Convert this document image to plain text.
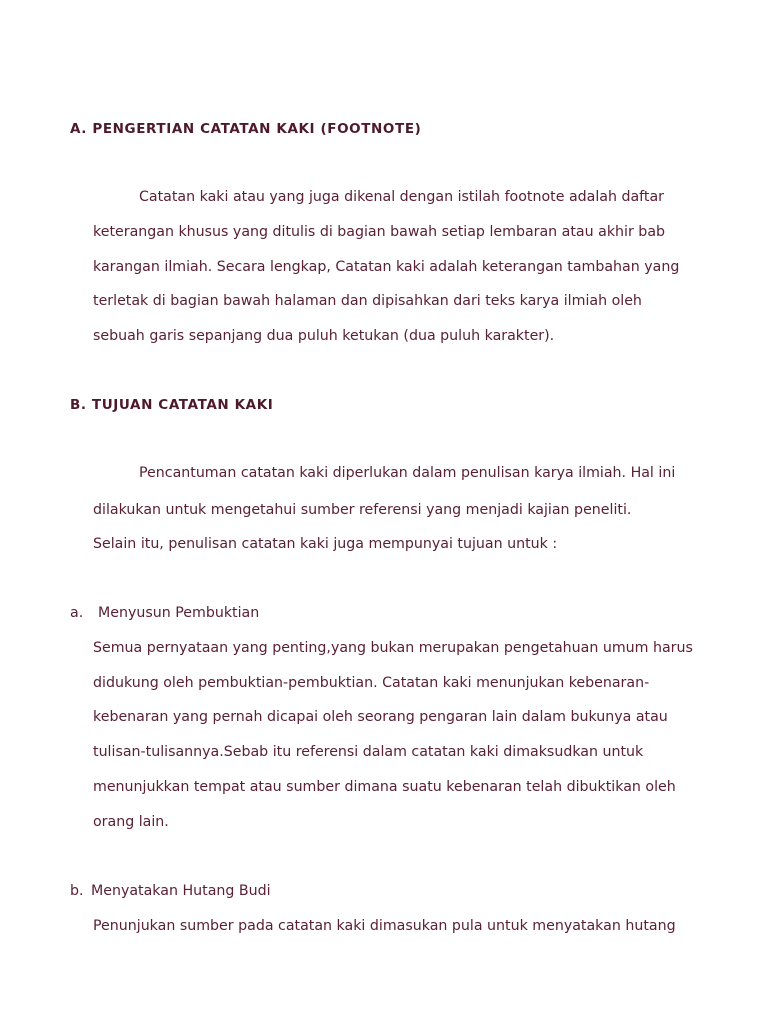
A. PENGERTIAN CATATAN KAKI (FOOTNOTE)
Catatan kaki atau yang juga dikenal dengan istilah footnote adalah daftar
keterangan khusus yang ditulis di bagian bawah setiap lembaran atau akhir bab
karangan ilmiah. Secara lengkap, Catatan kaki adalah keterangan tambahan yang
terletak di bagian bawah halaman dan dipisahkan dari teks karya ilmiah oleh
sebuah garis sepanjang dua puluh ketukan (dua puluh karakter).
B. TUJUAN CATATAN KAKI
Pencantuman catatan kaki diperlukan dalam penulisan karya ilmiah. Hal ini
dilakukan untuk mengetahui sumber referensi yang menjadi kajian peneliti.
Selain itu, penulisan catatan kaki juga mempunyai tujuan untuk :
a. Menyusun Pembuktian
Semua pernyataan yang penting,yang bukan merupakan pengetahuan umum harus
didukung oleh pembuktian-pembuktian. Catatan kaki menunjukan kebenaran-
kebenaran yang pernah dicapai oleh seorang pengaran lain dalam bukunya atau
tulisan-tulisannya.Sebab itu referensi dalam catatan kaki dimaksudkan untuk
menunjukkan tempat atau sumber dimana suatu kebenaran telah dibuktikan oleh
orang lain.
b. Menyatakan Hutang Budi
Penunjukan sumber pada catatan kaki dimasukan pula untuk menyatakan hutang
